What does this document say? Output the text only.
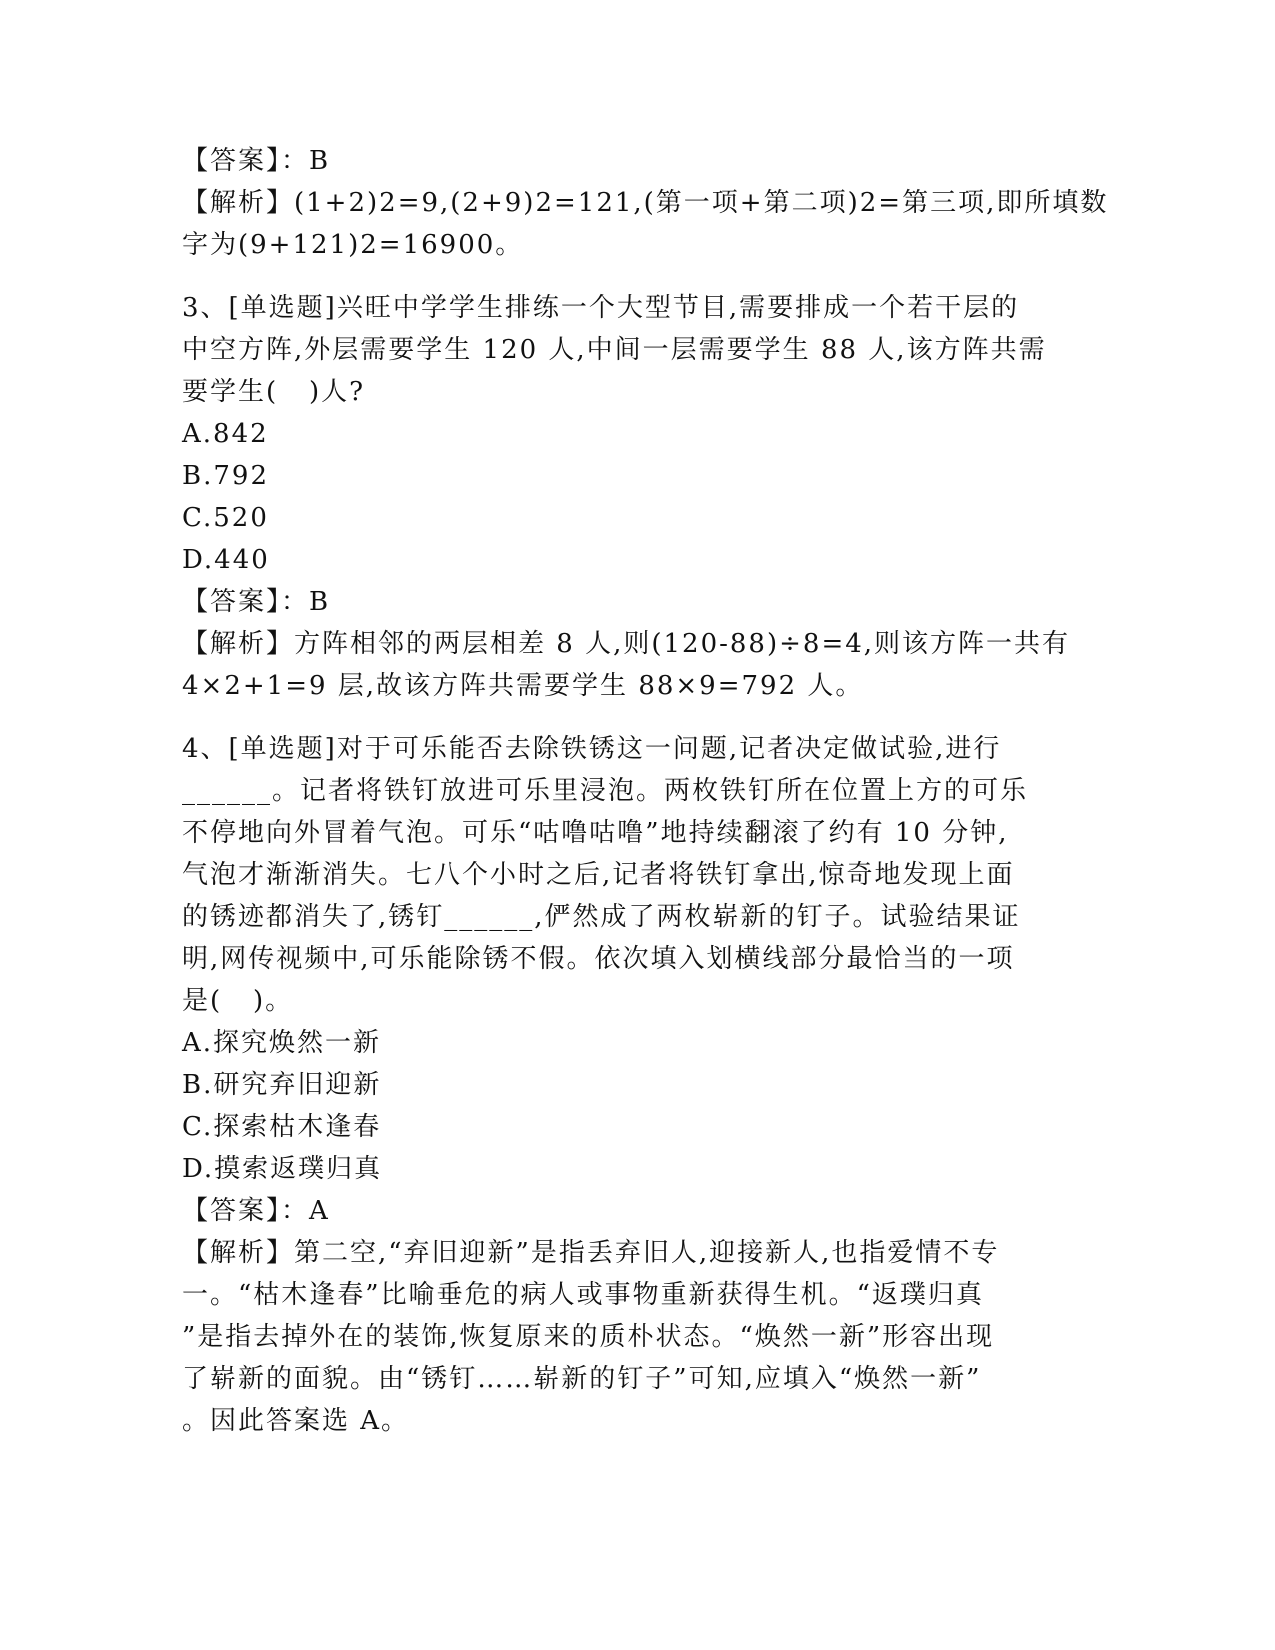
【答案】：B
【解析】(1+2)2=9,(2+9)2=121,(第一项+第二项)2=第三项,即所填数
字为(9+121)2=16900。
3、[单选题]兴旺中学学生排练一个大型节目,需要排成一个若干层的
中空方阵,外层需要学生 120 人,中间一层需要学生 88 人,该方阵共需
要学生(   )人?
A.842
B.792
C.520
D.440
【答案】：B
【解析】方阵相邻的两层相差 8 人,则(120-88)÷8=4,则该方阵一共有
4×2+1=9 层,故该方阵共需要学生 88×9=792 人。
4、[单选题]对于可乐能否去除铁锈这一问题,记者决定做试验,进行
______。记者将铁钉放进可乐里浸泡。两枚铁钉所在位置上方的可乐
不停地向外冒着气泡。可乐“咕噜咕噜”地持续翻滚了约有 10 分钟,
气泡才渐渐消失。七八个小时之后,记者将铁钉拿出,惊奇地发现上面
的锈迹都消失了,锈钉______,俨然成了两枚崭新的钉子。试验结果证
明,网传视频中,可乐能除锈不假。依次填入划横线部分最恰当的一项
是(   )。
A.探究焕然一新
B.研究弃旧迎新
C.探索枯木逢春
D.摸索返璞归真
【答案】：A
【解析】第二空,“弃旧迎新”是指丢弃旧人,迎接新人,也指爱情不专
一。“枯木逢春”比喻垂危的病人或事物重新获得生机。“返璞归真
”是指去掉外在的装饰,恢复原来的质朴状态。“焕然一新”形容出现
了崭新的面貌。由“锈钉……崭新的钉子”可知,应填入“焕然一新”
。因此答案选 A。
